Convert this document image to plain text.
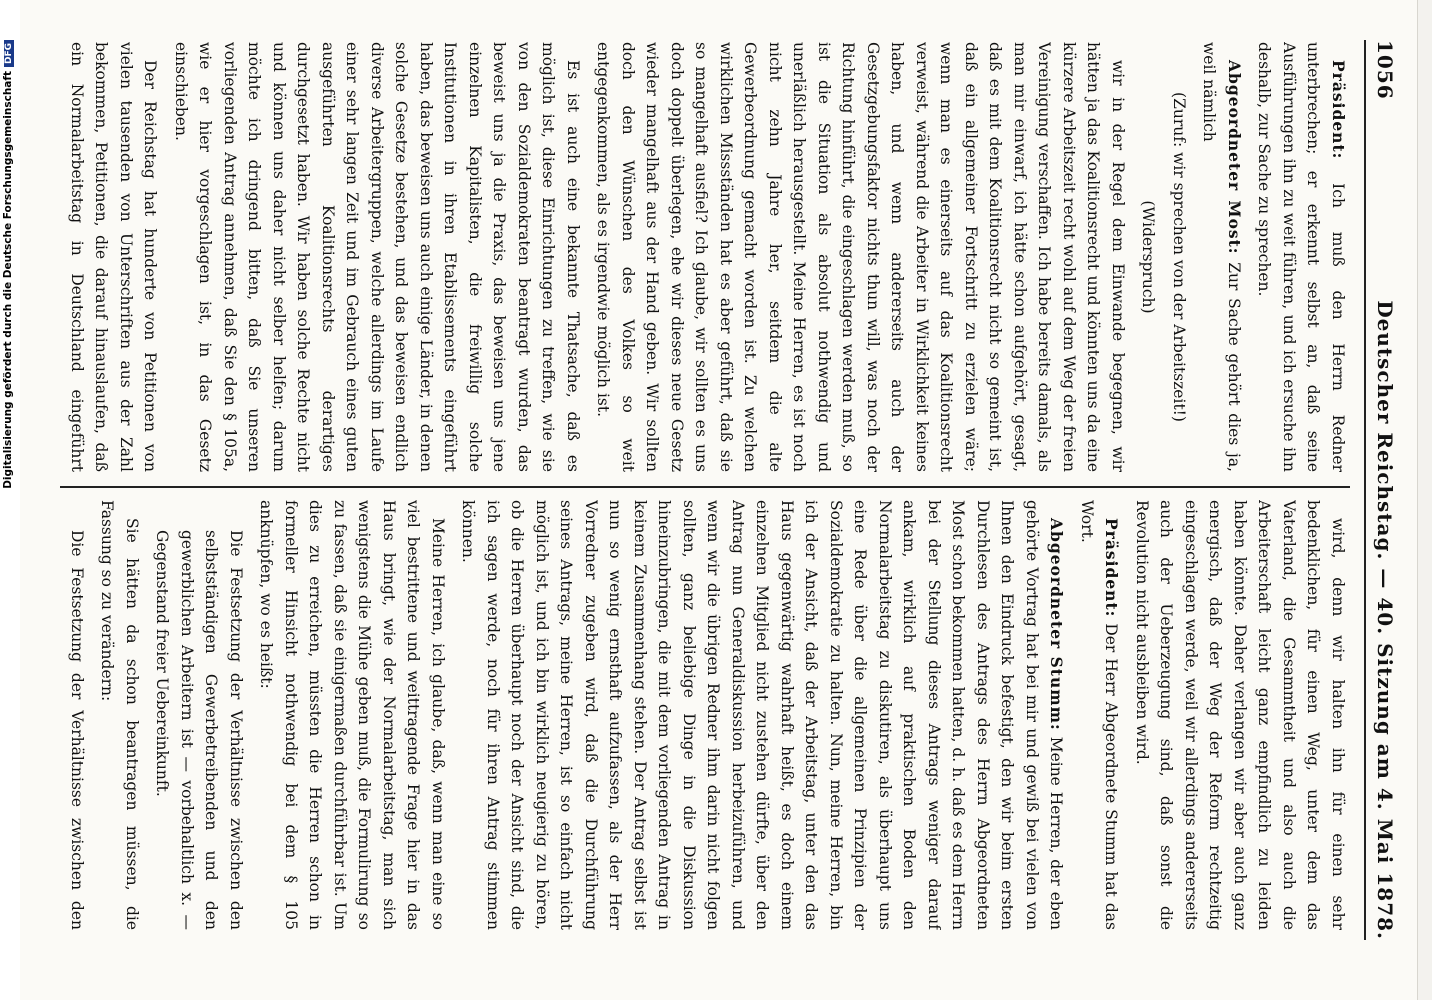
1056
Deutscher Reichstag. — 40. Sitzung am 4. Mai 1878.

Präsident: Ich muß den Herrn Redner unterbrechen; er erkennt selbst an, daß seine Ausführungen ihn zu weit führen, und ich ersuche ihn deshalb, zur Sache zu sprechen.

Abgeordneter Most: Zur Sache gehört dies ja, weil nämlich

(Zuruf: wir sprechen von der Arbeitszeit!)

(Widerspruch)

wir in der Regel dem Einwande begegnen, wir hätten ja das Koalitionsrecht und könnten uns da eine kürzere Arbeitszeit recht wohl auf dem Weg der freien Vereinigung verschaffen. Ich habe bereits damals, als man mir einwarf, ich hätte schon aufgehört, gesagt, daß es mit dem Koalitionsrecht nicht so gemeint ist, daß ein allgemeiner Fortschritt zu erzielen wäre; wenn man es einerseits auf das Koalitionsrecht verweist, während die Arbeiter in Wirklichkeit keines haben, und wenn andererseits auch der Gesetzgebungsfaktor nichts thun will, was noch der Richtung hinführt, die eingeschlagen werden muß, so ist die Situation als absolut nothwendig und unerläßlich herausgestellt. Meine Herren, es ist noch nicht zehn Jahre her, seitdem die alte Gewerbeordnung gemacht worden ist. Zu welchen wirklichen Missständen hat es aber geführt, daß sie so mangelhaft ausfiel? Ich glaube, wir sollten es uns doch doppelt überlegen, ehe wir dieses neue Gesetz wieder mangelhaft aus der Hand geben. Wir sollten doch den Wünschen des Volkes so weit entgegenkommen, als es irgendwie möglich ist.

Es ist auch eine bekannte Thatsache, daß es möglich ist, diese Einrichtungen zu treffen, wie sie von den Sozialdemokraten beantragt wurden, das beweist uns ja die Praxis, das beweisen uns jene einzelnen Kapitalisten, die freiwillig solche Institutionen in ihren Etablissements eingeführt haben, das beweisen uns auch einige Länder, in denen solche Gesetze bestehen, und das beweisen endlich diverse Arbeitergruppen, welche allerdings im Laufe einer sehr langen Zeit und im Gebrauch eines guten ausgeführten Koalitionsrechts derartiges durchgesetzt haben. Wir haben solche Rechte nicht und können uns daher nicht selber helfen; darum möchte ich dringend bitten, daß Sie unseren vorliegenden Antrag annehmen, daß Sie den § 105a, wie er hier vorgeschlagen ist, in das Gesetz einschieben.

Der Reichstag hat hunderte von Petitionen von vielen tausenden von Unterschriften aus der Zahl bekommen, Petitionen, die darauf hinauslaufen, daß ein Normalarbeitstag in Deutschland eingeführt

wird, denn wir halten ihn für einen sehr bedenklichen, für einen Weg, unter dem das Vaterland, die Gesammtheit und also auch die Arbeiterschaft leicht ganz empfindlich zu leiden haben könnte. Daher verlangen wir aber auch ganz energisch, daß der Weg der Reform rechtzeitig eingeschlagen werde, weil wir allerdings andererseits auch der Ueberzeugung sind, daß sonst die Revolution nicht ausbleiben wird.

Präsident: Der Herr Abgeordnete Stumm hat das Wort.

Abgeordneter Stumm: Meine Herren, der eben gehörte Vortrag hat bei mir und gewiß bei vielen von Ihnen den Eindruck befestigt, den wir beim ersten Durchlesen des Antrags des Herrn Abgeordneten Most schon bekommen hatten, d. h. daß es dem Herrn bei der Stellung dieses Antrags weniger darauf ankam, wirklich auf praktischen Boden den Normalarbeitstag zu diskutiren, als überhaupt uns eine Rede über die allgemeinen Prinzipien der Sozialdemokratie zu halten. Nun, meine Herren, bin ich der Ansicht, daß der Arbeitstag, unter den das Haus gegenwärtig wahrhaft heißt, es doch einem einzelnen Mitglied nicht zustehen dürfte, über den Antrag nun Generaldiskussion herbeizuführen, und wenn wir die übrigen Redner ihm darin nicht folgen sollten, ganz beliebige Dinge in die Diskussion hineinzubringen, die mit dem vorliegenden Antrag in keinem Zusammenhang stehen. Der Antrag selbst ist nun so wenig ernsthaft aufzufassen, als der Herr Vorredner zugeben wird, daß die Durchführung seines Antrags, meine Herren, ist so einfach nicht möglich ist, und ich bin wirklich neugierig zu hören, ob die Herren überhaupt noch der Ansicht sind, die ich sagen werde, noch für ihren Antrag stimmen können.

Meine Herren, ich glaube, daß, wenn man eine so viel bestrittene und weittragende Frage hier in das Haus bringt, wie der Normalarbeitstag, man sich wenigstens die Mühe geben muß, die Formulirung so zu fassen, daß sie einigermaßen durchführbar ist. Um dies zu erreichen, müssten die Herren schon in formeller Hinsicht nothwendig bei dem § 105 anknüpfen, wo es heißt:

Die Festsetzung der Verhältnisse zwischen den selbstständigen Gewerbetreibenden und den gewerblichen Arbeitern ist — vorbehaltlich x. — Gegenstand freier Uebereinkunft.

Sie hätten da schon beantragen müssen, die Fassung so zu verändern:

Die Festsetzung der Verhältnisse zwischen den

Digitalisierung gefördert durch die Deutsche ForschungsgemeinschaftDFG
